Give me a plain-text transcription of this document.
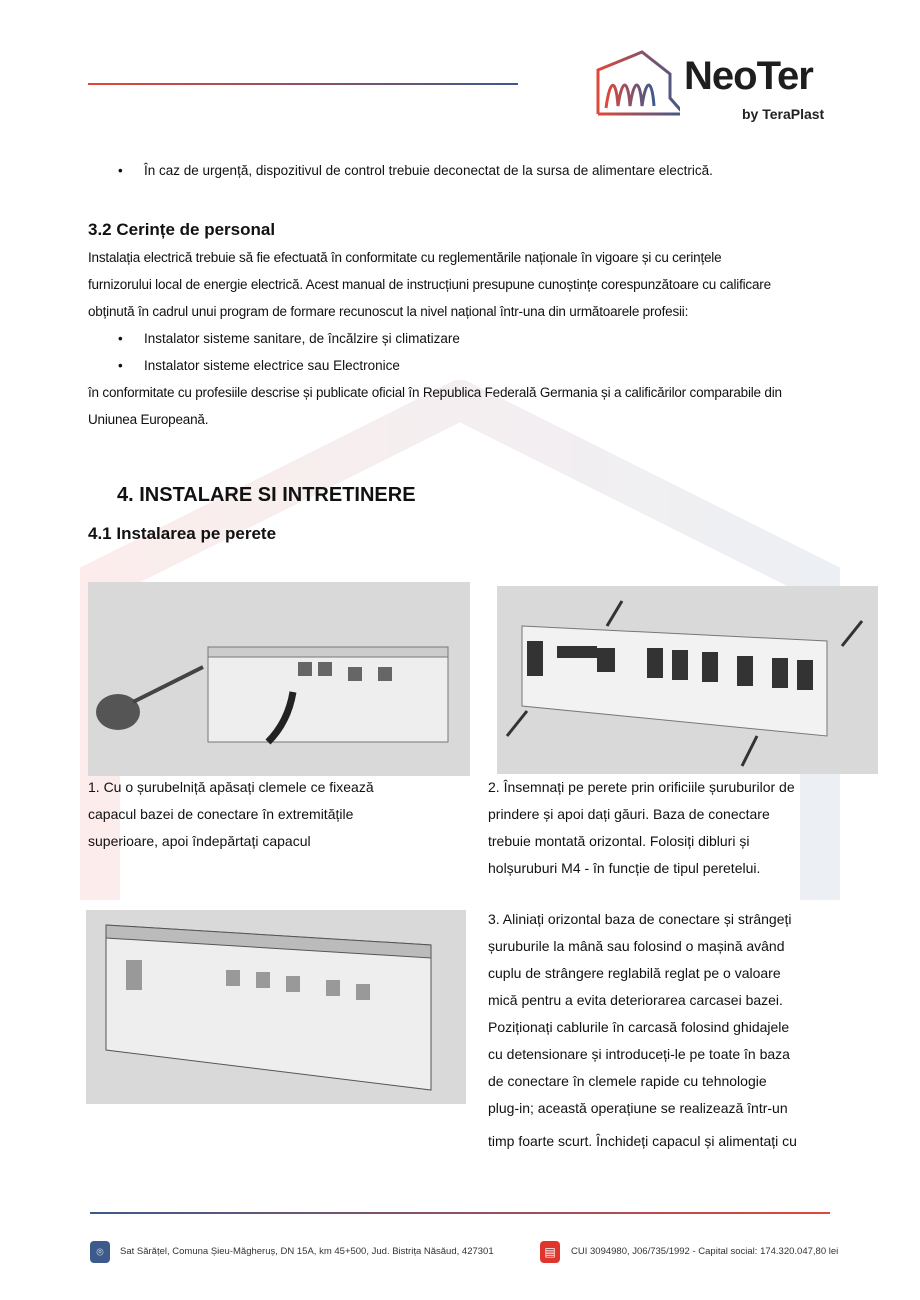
NeoTer
by TeraPlast
• În caz de urgență, dispozitivul de control trebuie deconectat de la sursa de alimentare electrică.
3.2 Cerințe de personal
Instalația electrică trebuie să fie efectuată în conformitate cu reglementările naționale în vigoare și cu cerințele
furnizorului local de energie electrică. Acest manual de instrucțiuni presupune cunoștințe corespunzătoare cu calificare
obținută în cadrul unui program de formare recunoscut la nivel național într-una din următoarele profesii:
• Instalator sisteme sanitare, de încălzire și climatizare
• Instalator sisteme electrice sau Electronice
în conformitate cu profesiile descrise și publicate oficial în Republica Federală Germania și a calificărilor comparabile din
Uniunea Europeană.
4. INSTALARE SI INTRETINERE
4.1 Instalarea pe perete
1. Cu o șurubelniță apăsați clemele ce fixează
capacul bazei de conectare în extremitățile
superioare, apoi îndepărtați capacul
2. Însemnați pe perete prin orificiile șuruburilor de
prindere și apoi dați găuri. Baza de conectare
trebuie montată orizontal. Folosiți dibluri și
holșuruburi M4 - în funcție de tipul peretelui.
3. Aliniați orizontal baza de conectare și strângeți
șuruburile la mână sau folosind o mașină având
cuplu de strângere reglabilă reglat pe o valoare
mică pentru a evita deteriorarea carcasei bazei.
Poziționați cablurile în carcasă folosind ghidajele
cu detensionare și introduceți-le pe toate în baza
de conectare în clemele rapide cu tehnologie
plug-in; această operațiune se realizează într-un
timp foarte scurt. Închideți capacul și alimentați cu
⌾	Sat Sărățel, Comuna Șieu-Măgheruș, DN 15A, km 45+500, Jud. Bistrița Năsăud, 427301	▤	CUI 3094980, J06/735/1992 - Capital social: 174.320.047,80 lei
